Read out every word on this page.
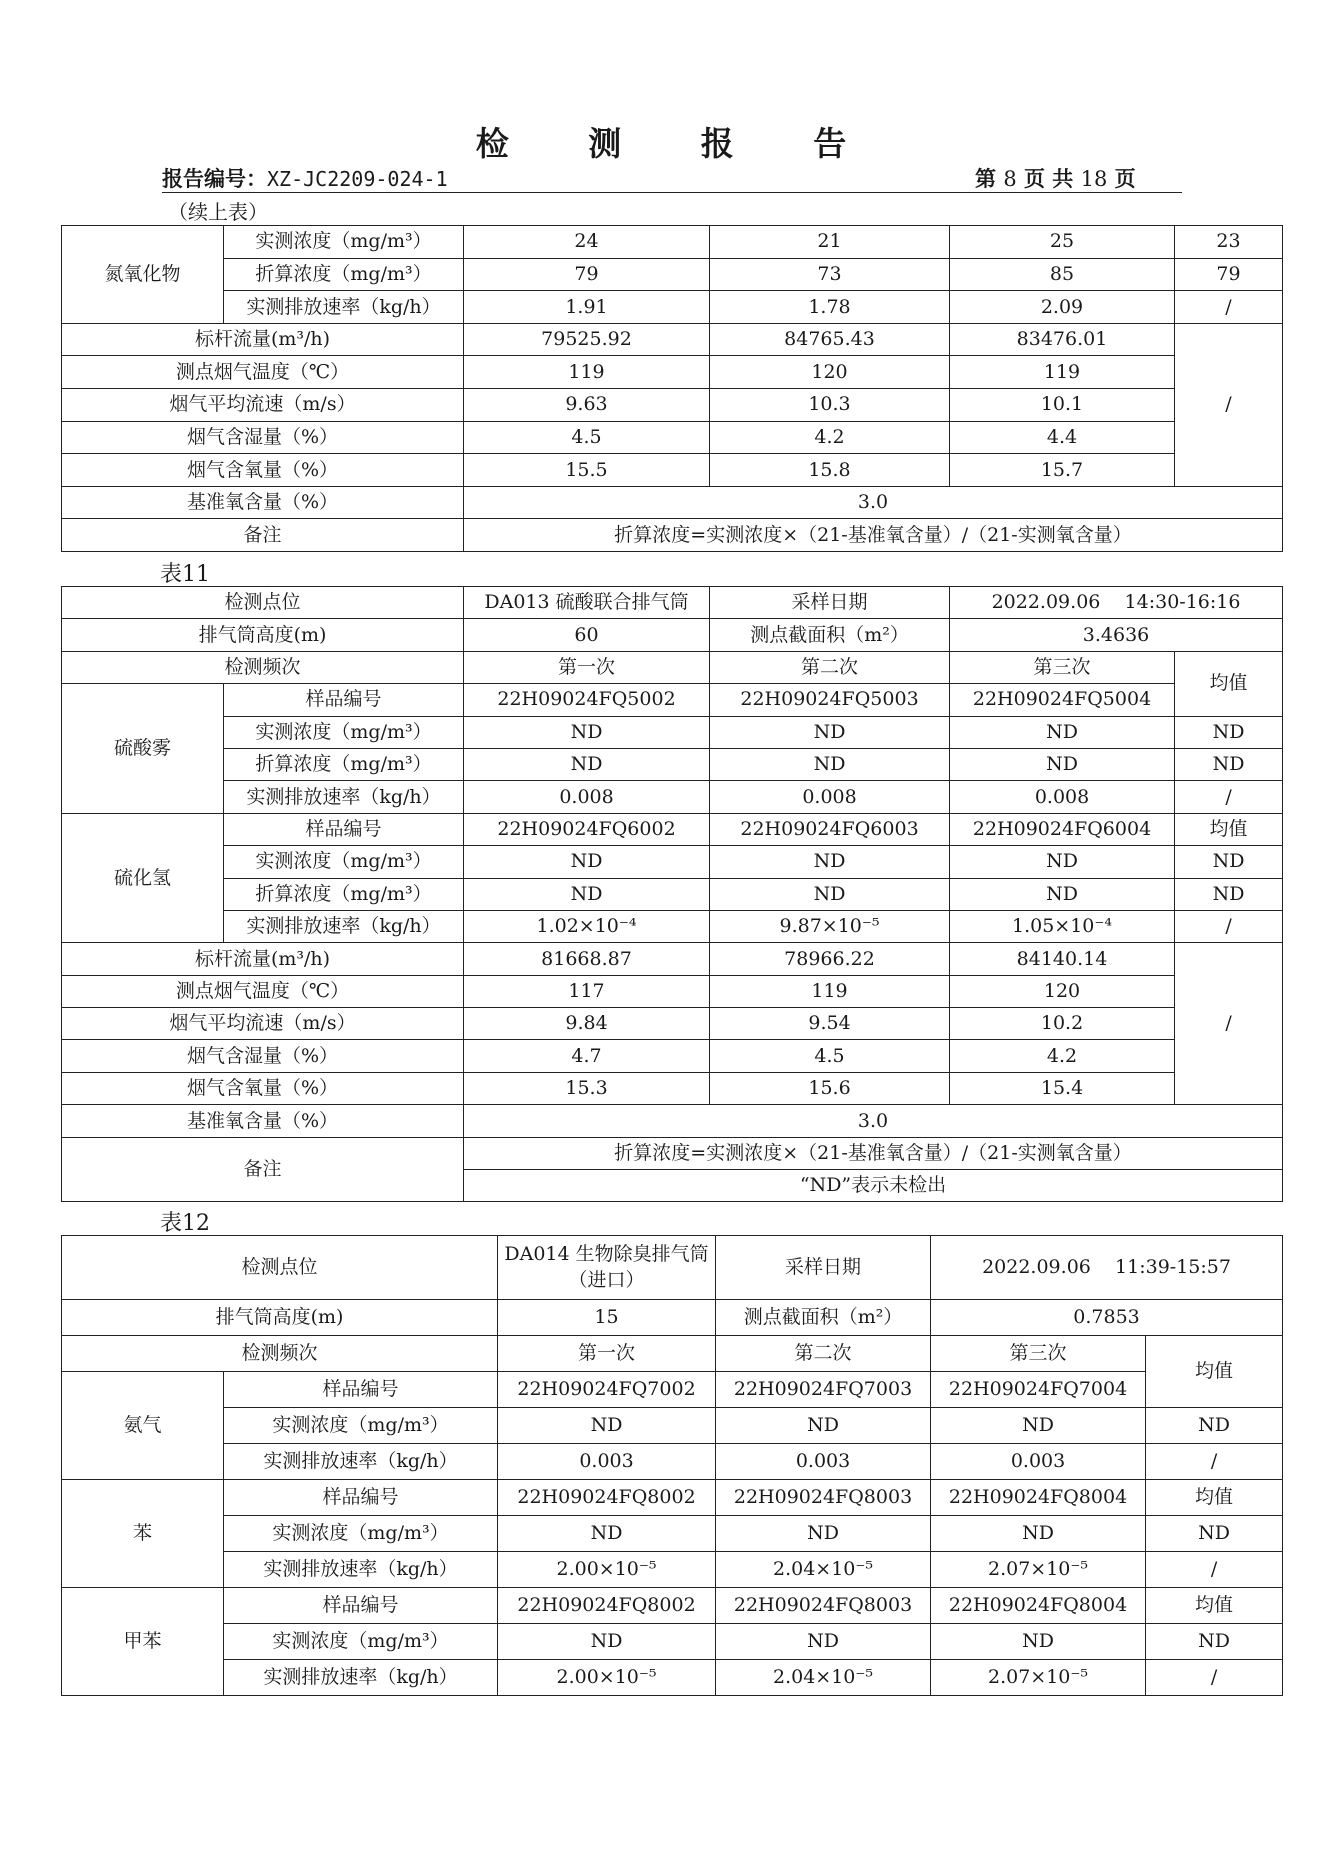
检 测 报 告
报告编号：XZ-JC2209-024-1	第 8 页 共 18 页
（续上表）
氮氧化物	实测浓度（mg/m³）	24	21	25	23
	折算浓度（mg/m³）	79	73	85	79
	实测排放速率（kg/h）	1.91	1.78	2.09	/
标杆流量(m³/h)		79525.92	84765.43	83476.01	/
测点烟气温度（℃）		119	120	119	
烟气平均流速（m/s）		9.63	10.3	10.1	
烟气含湿量（%）		4.5	4.2	4.4	
烟气含氧量（%）		15.5	15.8	15.7	
基准氧含量（%）		3.0			
备注		折算浓度=实测浓度×（21-基准氧含量）/（21-实测氧含量）			
表11
检测点位		DA013 硫酸联合排气筒	采样日期	2022.09.06    14:30-16:16	
排气筒高度(m)		60	测点截面积（m²）	3.4636	
检测频次		第一次	第二次	第三次	均值
硫酸雾	样品编号	22H09024FQ5002	22H09024FQ5003	22H09024FQ5004	
	实测浓度（mg/m³）	ND	ND	ND	ND
	折算浓度（mg/m³）	ND	ND	ND	ND
	实测排放速率（kg/h）	0.008	0.008	0.008	/
硫化氢	样品编号	22H09024FQ6002	22H09024FQ6003	22H09024FQ6004	均值
	实测浓度（mg/m³）	ND	ND	ND	ND
	折算浓度（mg/m³）	ND	ND	ND	ND
	实测排放速率（kg/h）	1.02×10⁻⁴	9.87×10⁻⁵	1.05×10⁻⁴	/
标杆流量(m³/h)		81668.87	78966.22	84140.14	/
测点烟气温度（℃）		117	119	120	
烟气平均流速（m/s）		9.84	9.54	10.2	
烟气含湿量（%）		4.7	4.5	4.2	
烟气含氧量（%）		15.3	15.6	15.4	
基准氧含量（%）		3.0			
备注		折算浓度=实测浓度×（21-基准氧含量）/（21-实测氧含量）			
		“ND”表示未检出			
表12
检测点位		DA014 生物除臭排气筒（进口）	采样日期	2022.09.06    11:39-15:57	
排气筒高度(m)		15	测点截面积（m²）	0.7853	
检测频次		第一次	第二次	第三次	均值
氨气	样品编号	22H09024FQ7002	22H09024FQ7003	22H09024FQ7004	
	实测浓度（mg/m³）	ND	ND	ND	ND
	实测排放速率（kg/h）	0.003	0.003	0.003	/
苯	样品编号	22H09024FQ8002	22H09024FQ8003	22H09024FQ8004	均值
	实测浓度（mg/m³）	ND	ND	ND	ND
	实测排放速率（kg/h）	2.00×10⁻⁵	2.04×10⁻⁵	2.07×10⁻⁵	/
甲苯	样品编号	22H09024FQ8002	22H09024FQ8003	22H09024FQ8004	均值
	实测浓度（mg/m³）	ND	ND	ND	ND
	实测排放速率（kg/h）	2.00×10⁻⁵	2.04×10⁻⁵	2.07×10⁻⁵	/
